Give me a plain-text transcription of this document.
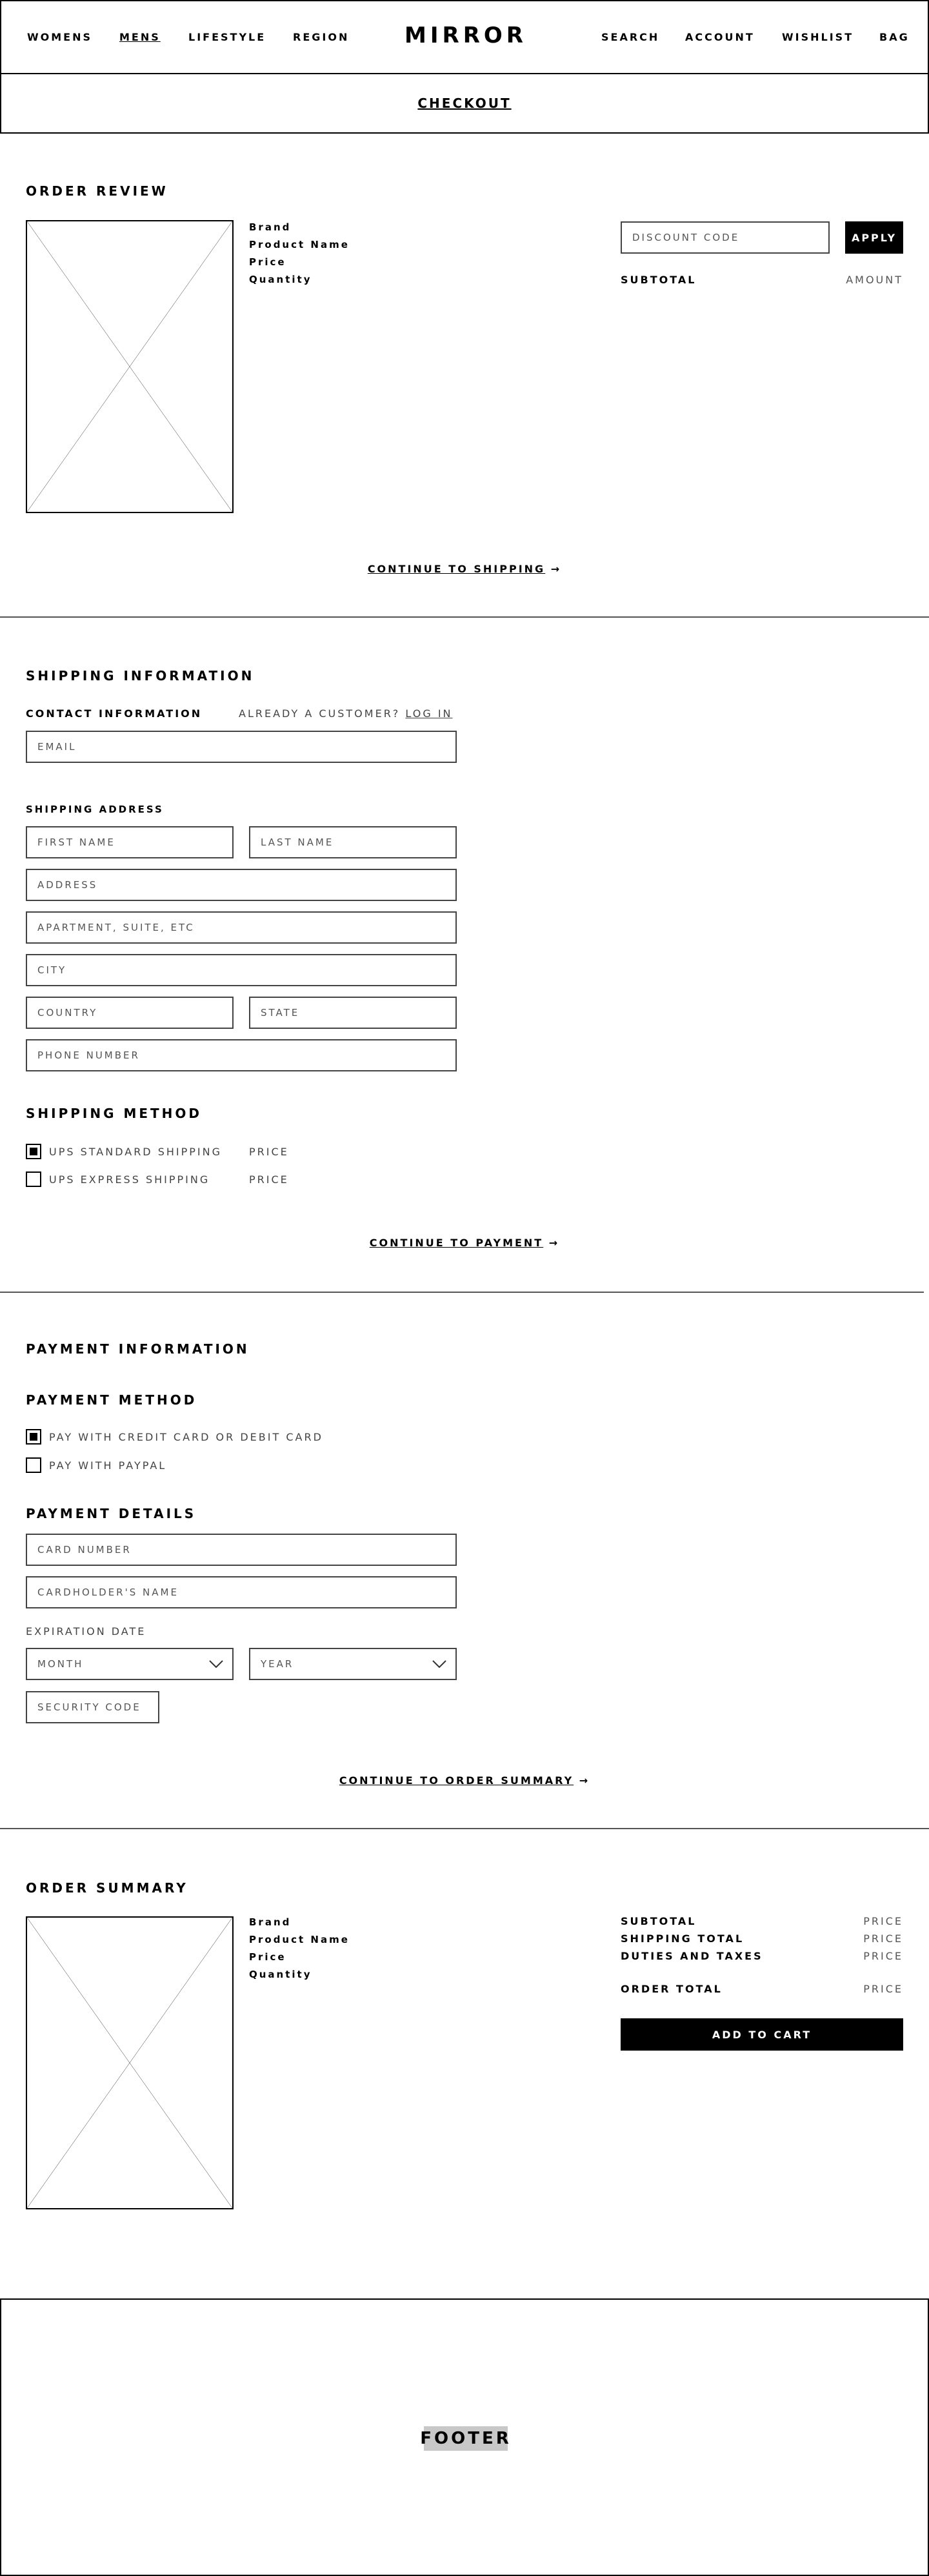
WOMENS	MENS	LIFESTYLE	REGION	MIRROR	SEARCH ACCOUNT	WISHLIST BAG
CHECKOUT
ORDER REVIEW
Brand
Product Name
Price
Quantity
DISCOUNT CODE	APPLY
SUBTOTAL	AMOUNT
CONTINUE TO SHIPPING →
SHIPPING INFORMATION
CONTACT INFORMATION	ALREADY A CUSTOMER? LOG IN
EMAIL
SHIPPING ADDRESS
FIRST NAME	LAST NAME
ADDRESS
APARTMENT, SUITE, ETC
CITY
COUNTRY	STATE
PHONE NUMBER
SHIPPING METHOD
UPS STANDARD SHIPPING	PRICE
UPS EXPRESS SHIPPING	PRICE
CONTINUE TO PAYMENT →
PAYMENT INFORMATION
PAYMENT METHOD
PAY WITH CREDIT CARD OR DEBIT CARD
PAY WITH PAYPAL
PAYMENT DETAILS
CARD NUMBER
CARDHOLDER'S NAME
EXPIRATION DATE
MONTH	YEAR
SECURITY CODE
CONTINUE TO ORDER SUMMARY →
ORDER SUMMARY
Brand
Product Name
Price
Quantity
SUBTOTAL	PRICE
SHIPPING TOTAL	PRICE
DUTIES AND TAXES	PRICE
ORDER TOTAL	PRICE
ADD TO CART
FOOTER
